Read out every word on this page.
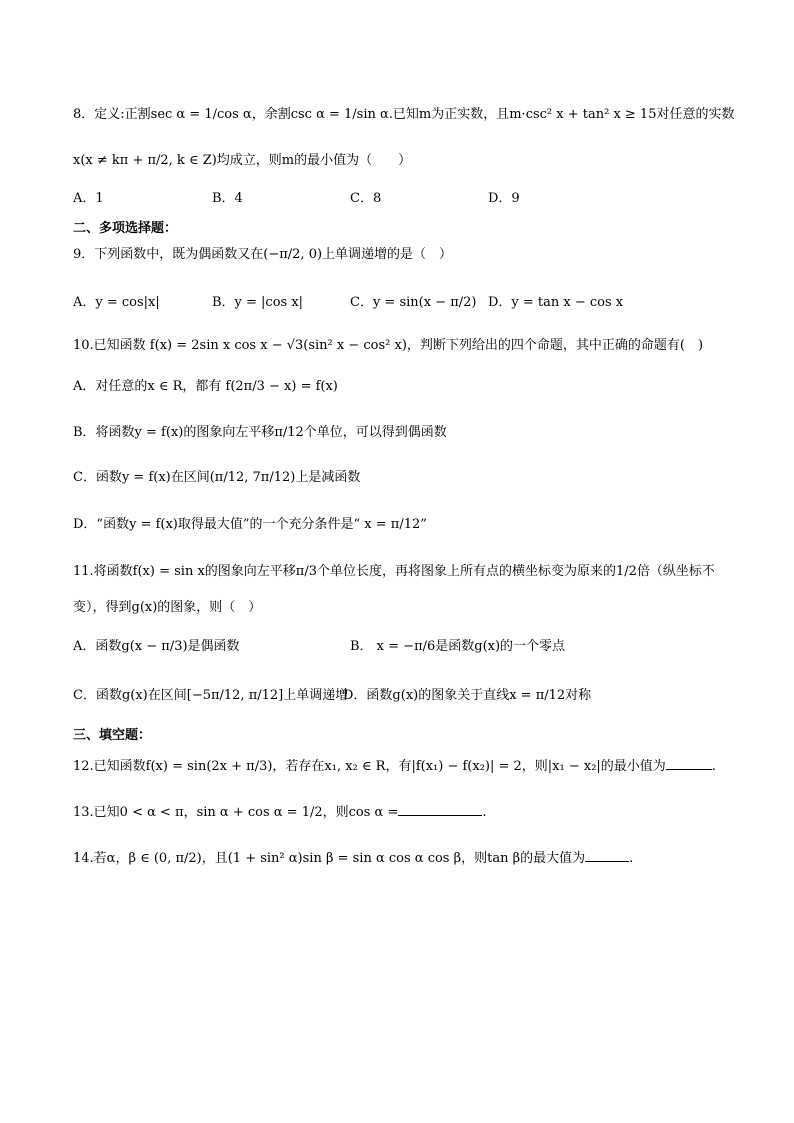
8．定义:正割sec α = 1/cos α，余割csc α = 1/sin α.已知m为正实数，且m·csc² x + tan² x ≥ 15对任意的实数
x(x ≠ kπ + π/2, k ∈ Z)均成立，则m的最小值为（　　）
A．1	B．4	C．8	D．9
二、多项选择题：
9．下列函数中，既为偶函数又在(−π/2, 0)上单调递增的是（　）
A．y = cos|x|	B．y = |cos x|	C．y = sin(x − π/2) D．y = tan x − cos x
10.已知函数 f(x) = 2sin x cos x − √3(sin² x − cos² x)，判断下列给出的四个命题，其中正确的命题有(　)
A．对任意的x ∈ R，都有 f(2π/3 − x) = f(x)
B．将函数y = f(x)的图象向左平移π/12个单位，可以得到偶函数
C．函数y = f(x)在区间(π/12, 7π/12)上是减函数
D．“函数y = f(x)取得最大值”的一个充分条件是“ x = π/12”
11.将函数f(x) = sin x的图象向左平移π/3个单位长度，再将图象上所有点的横坐标变为原来的1/2倍（纵坐标不
变），得到g(x)的图象，则（　）
A．函数g(x − π/3)是偶函数	B． x = −π/6是函数g(x)的一个零点
C．函数g(x)在区间[−5π/12, π/12]上单调递增
D．函数g(x)的图象关于直线x = π/12对称
三、填空题：
12.已知函数f(x) = sin(2x + π/3)，若存在x₁, x₂ ∈ R，有|f(x₁) − f(x₂)| = 2，则|x₁ − x₂|的最小值为	.
13.已知0 < α < π，sin α + cos α = 1/2，则cos α =	.
14.若α，β ∈ (0, π/2)，且(1 + sin² α)sin β = sin α cos α cos β，则tan β的最大值为	.
